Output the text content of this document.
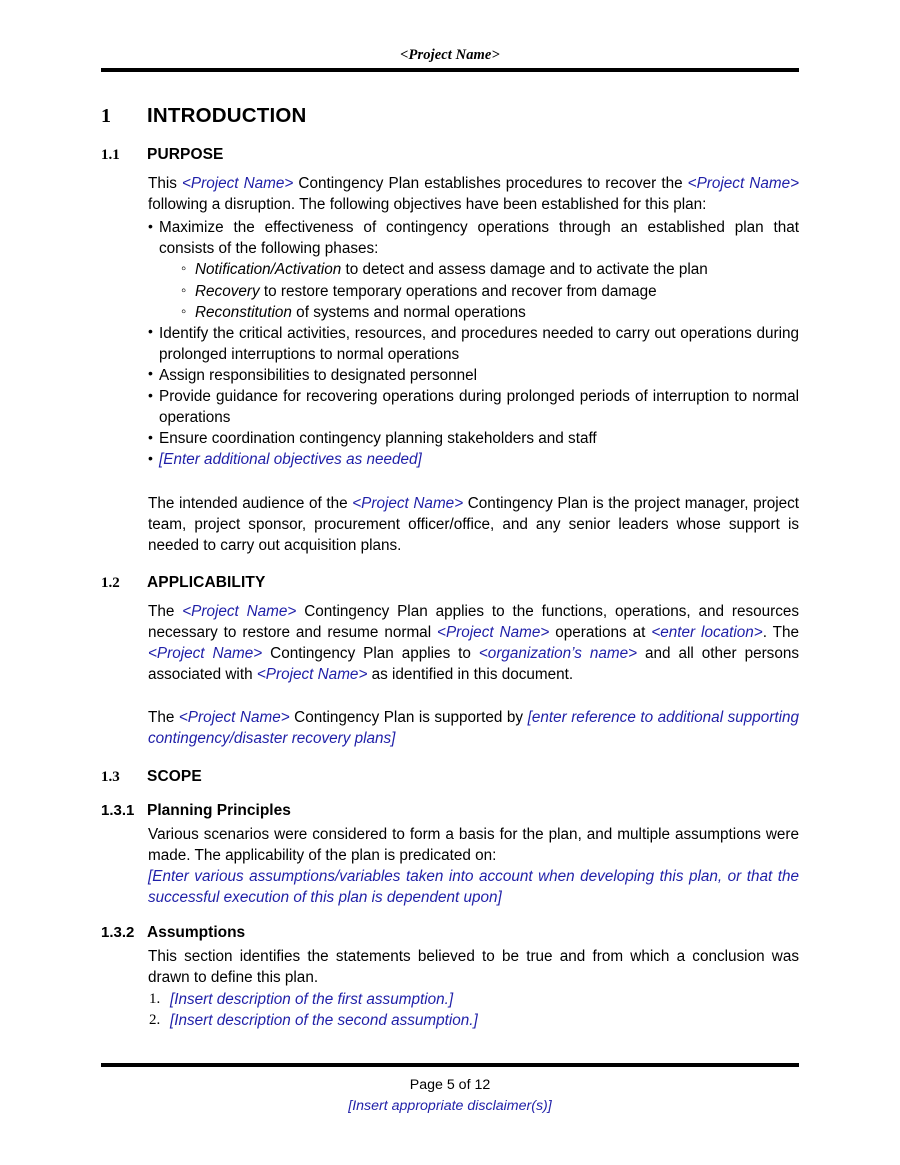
<Project Name>
1	INTRODUCTION
1.1	PURPOSE

This <Project Name> Contingency Plan establishes procedures to recover the <Project Name> following a disruption. The following objectives have been established for this plan:

• Maximize the effectiveness of contingency operations through an established plan that consists of the following phases:
◦ Notification/Activation to detect and assess damage and to activate the plan
◦ Recovery to restore temporary operations and recover from damage
◦ Reconstitution of systems and normal operations
• Identify the critical activities, resources, and procedures needed to carry out operations during prolonged interruptions to normal operations
• Assign responsibilities to designated personnel
• Provide guidance for recovering operations during prolonged periods of interruption to normal operations
• Ensure coordination contingency planning stakeholders and staff
• [Enter additional objectives as needed]

The intended audience of the <Project Name> Contingency Plan is the project manager, project team, project sponsor, procurement officer/office, and any senior leaders whose support is needed to carry out acquisition plans.

1.2	APPLICABILITY

The <Project Name> Contingency Plan applies to the functions, operations, and resources necessary to restore and resume normal <Project Name> operations at <enter location>. The <Project Name> Contingency Plan applies to <organization’s name> and all other persons associated with <Project Name> as identified in this document.

The <Project Name> Contingency Plan is supported by [enter reference to additional supporting contingency/disaster recovery plans]

1.3	SCOPE
1.3.1 Planning Principles

Various scenarios were considered to form a basis for the plan, and multiple assumptions were made. The applicability of the plan is predicated on:

[Enter various assumptions/variables taken into account when developing this plan, or that the successful execution of this plan is dependent upon]

1.3.2 Assumptions

This section identifies the statements believed to be true and from which a conclusion was drawn to define this plan.

1. [Insert description of the first assumption.]
2. [Insert description of the second assumption.]
Page 5 of 12
[Insert appropriate disclaimer(s)]
